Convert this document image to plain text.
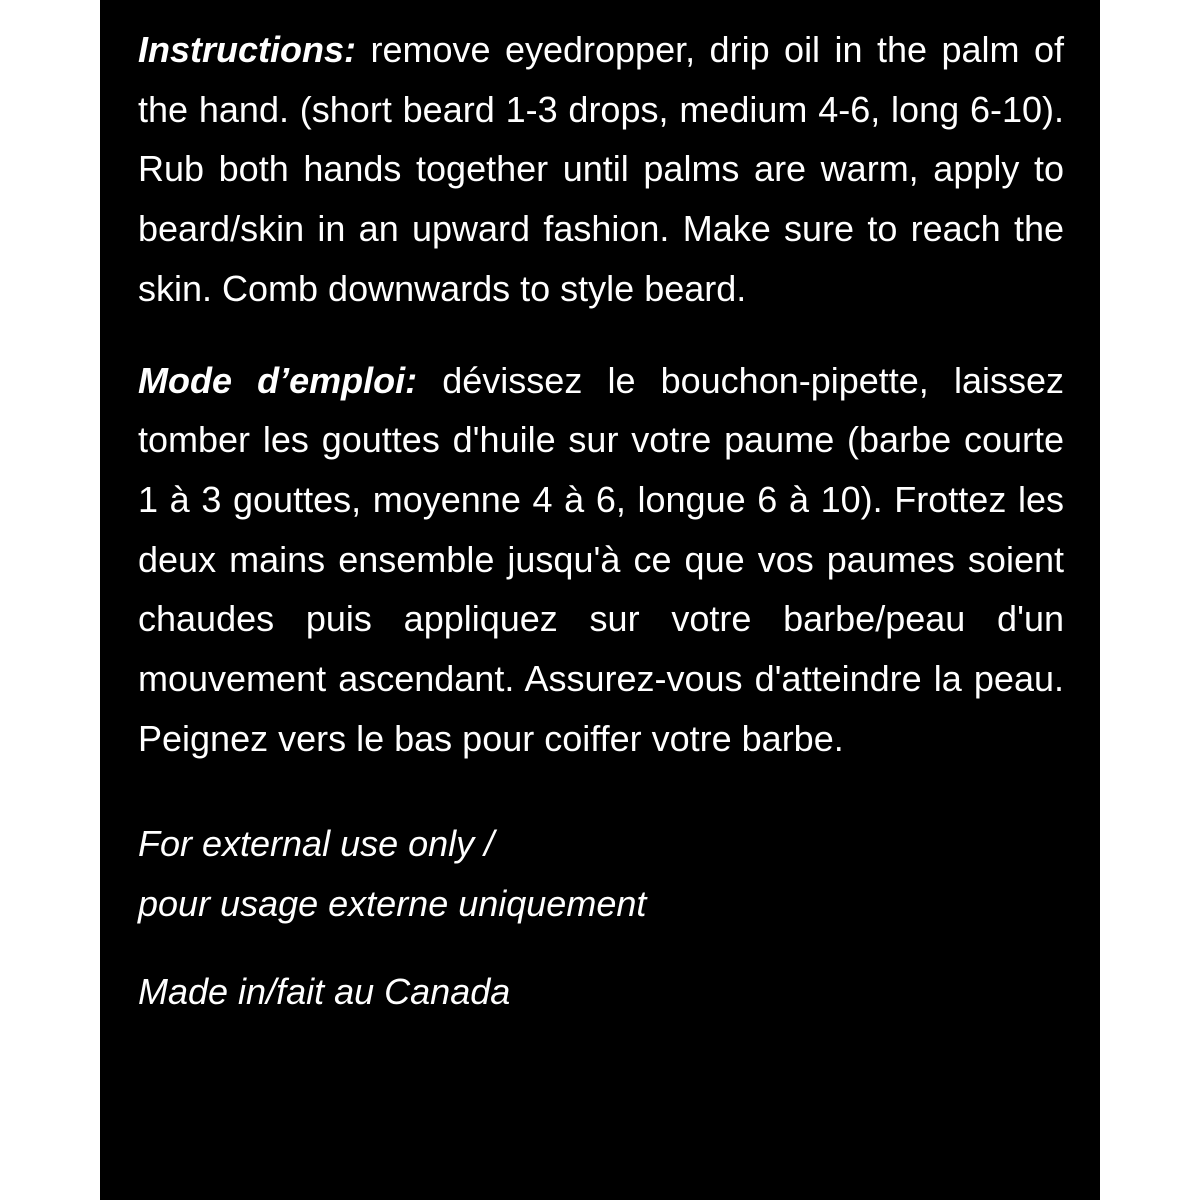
Instructions: remove eyedropper, drip oil in the palm of the hand. (short beard 1-3 drops, medium 4-6, long 6-10). Rub both hands together until palms are warm, apply to beard/skin in an upward fashion. Make sure to reach the skin. Comb downwards to style beard.

Mode d’emploi: dévissez le bouchon-pipette, laissez tomber les gouttes d'huile sur votre paume (barbe courte 1 à 3 gouttes, moyenne 4 à 6, longue 6 à 10). Frottez les deux mains ensemble jusqu'à ce que vos paumes soient chaudes puis appliquez sur votre barbe/peau d'un mouvement ascendant. Assurez-vous d'atteindre la peau. Peignez vers le bas pour coiffer votre barbe.

For external use only /
pour usage externe uniquement
Made in/fait au Canada
